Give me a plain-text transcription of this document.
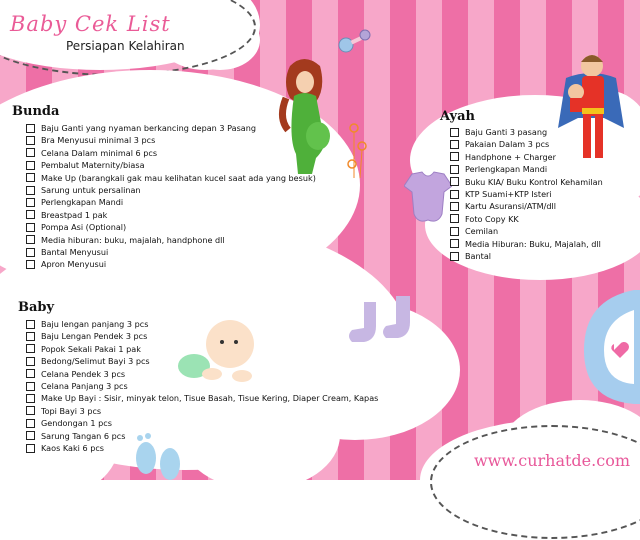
Baby Cek List
Persiapan Kelahiran
Bunda
Baju Ganti yang nyaman berkancing depan 3 Pasang
Bra Menyusui minimal 3 pcs
Celana Dalam minimal 6 pcs
Pembalut Maternity/biasa
Make Up (barangkali gak mau kelihatan kucel saat ada yang besuk)
Sarung untuk persalinan
Perlengkapan Mandi
Breastpad 1 pak
Pompa Asi (Optional)
Media hiburan: buku, majalah, handphone dll
Bantal Menyusui
Apron Menyusui
Ayah
Baju Ganti 3 pasang
Pakaian Dalam 3 pcs
Handphone + Charger
Perlengkapan Mandi
Buku KIA/ Buku Kontrol Kehamilan
KTP Suami+KTP Isteri
Kartu Asuransi/ATM/dll
Foto Copy KK
Cemilan
Media Hiburan: Buku, Majalah, dll
Bantal
Baby
Baju lengan panjang 3 pcs
Baju Lengan Pendek 3 pcs
Popok Sekali Pakai 1 pak
Bedong/Selimut Bayi 3 pcs
Celana Pendek 3 pcs
Celana Panjang 3 pcs
Make Up Bayi : Sisir, minyak telon, Tisue Basah, Tisue Kering, Diaper Cream, Kapas
Topi Bayi 3 pcs
Gendongan 1 pcs
Sarung Tangan 6 pcs
Kaos Kaki 6 pcs
www.curhatde.com
